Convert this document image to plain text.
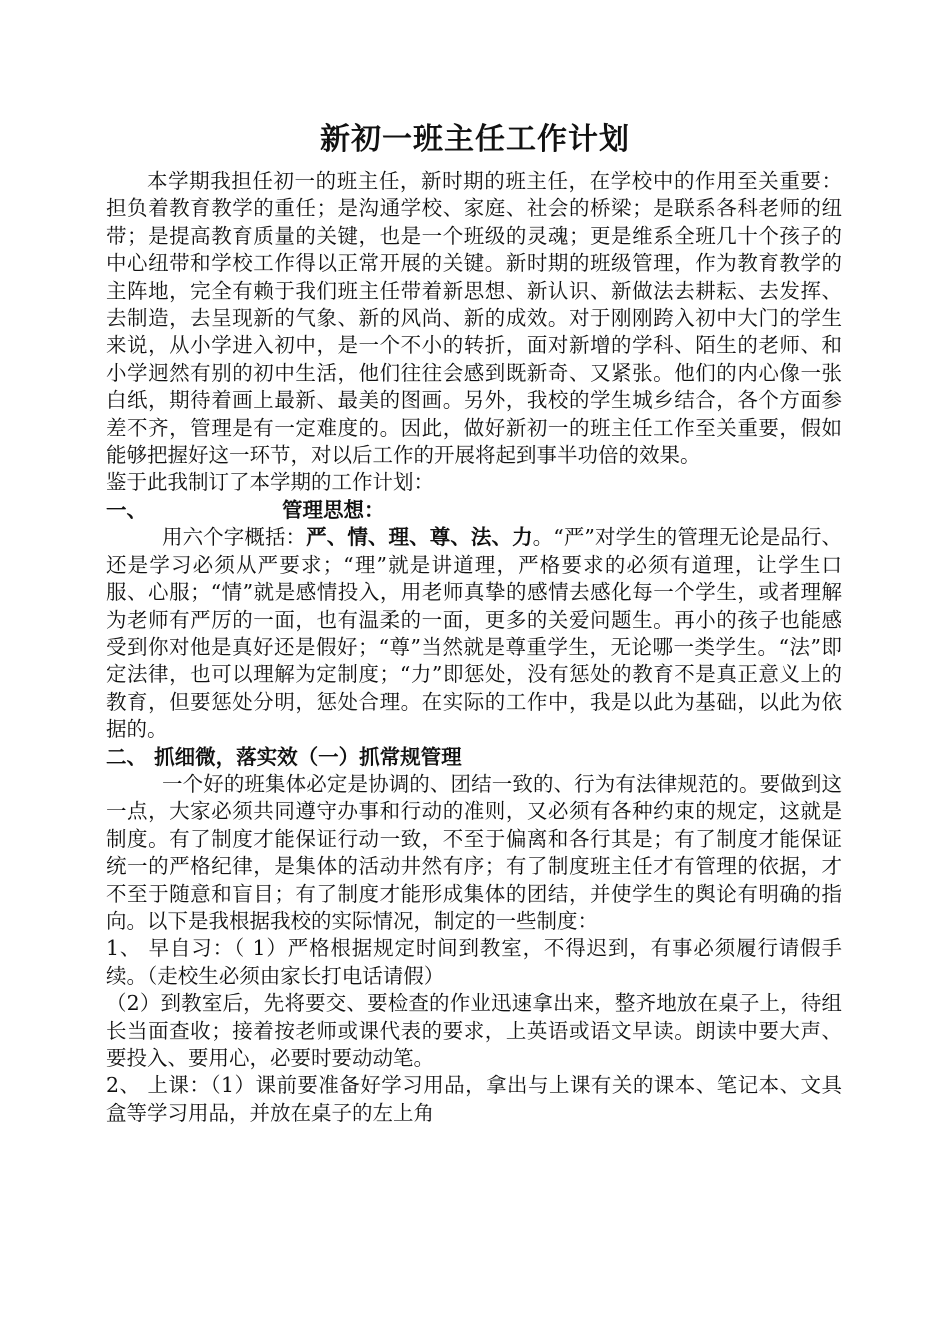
新初一班主任工作计划

本学期我担任初一的班主任，新时期的班主任，在学校中的作用至关重要：担负着教育教学的重任；是沟通学校、家庭、社会的桥梁；是联系各科老师的纽带；是提高教育质量的关键，也是一个班级的灵魂；更是维系全班几十个孩子的中心纽带和学校工作得以正常开展的关键。新时期的班级管理，作为教育教学的主阵地，完全有赖于我们班主任带着新思想、新认识、新做法去耕耘、去发挥、去制造，去呈现新的气象、新的风尚、新的成效。对于刚刚跨入初中大门的学生来说，从小学进入初中，是一个不小的转折，面对新增的学科、陌生的老师、和小学迥然有别的初中生活，他们往往会感到既新奇、又紧张。他们的内心像一张白纸，期待着画上最新、最美的图画。另外，我校的学生城乡结合，各个方面参差不齐，管理是有一定难度的。因此，做好新初一的班主任工作至关重要，假如能够把握好这一环节，对以后工作的开展将起到事半功倍的效果。

鉴于此我制订了本学期的工作计划：

一、	管理思想：

用六个字概括：严、情、理、尊、法、力。“严”对学生的管理无论是品行、还是学习必须从严要求；“理”就是讲道理，严格要求的必须有道理，让学生口服、心服；“情”就是感情投入，用老师真挚的感情去感化每一个学生，或者理解为老师有严厉的一面，也有温柔的一面，更多的关爱问题生。再小的孩子也能感受到你对他是真好还是假好；“尊”当然就是尊重学生，无论哪一类学生。“法”即定法律，也可以理解为定制度；“力”即惩处，没有惩处的教育不是真正意义上的教育，但要惩处分明，惩处合理。在实际的工作中，我是以此为基础，以此为依据的。

二、 抓细微，落实效（一）抓常规管理

一个好的班集体必定是协调的、团结一致的、行为有法律规范的。要做到这一点，大家必须共同遵守办事和行动的准则，又必须有各种约束的规定，这就是制度。有了制度才能保证行动一致，不至于偏离和各行其是；有了制度才能保证统一的严格纪律，是集体的活动井然有序；有了制度班主任才有管理的依据，才不至于随意和盲目；有了制度才能形成集体的团结，并使学生的舆论有明确的指向。以下是我根据我校的实际情况，制定的一些制度：

1、 早自习：（ 1）严格根据规定时间到教室，不得迟到，有事必须履行请假手续。（走校生必须由家长打电话请假）

（2）到教室后，先将要交、要检查的作业迅速拿出来，整齐地放在桌子上，待组长当面查收；接着按老师或课代表的要求，上英语或语文早读。朗读中要大声、要投入、要用心，必要时要动动笔。

2、 上课：（1）课前要准备好学习用品，拿出与上课有关的课本、笔记本、文具盒等学习用品，并放在桌子的左上角
